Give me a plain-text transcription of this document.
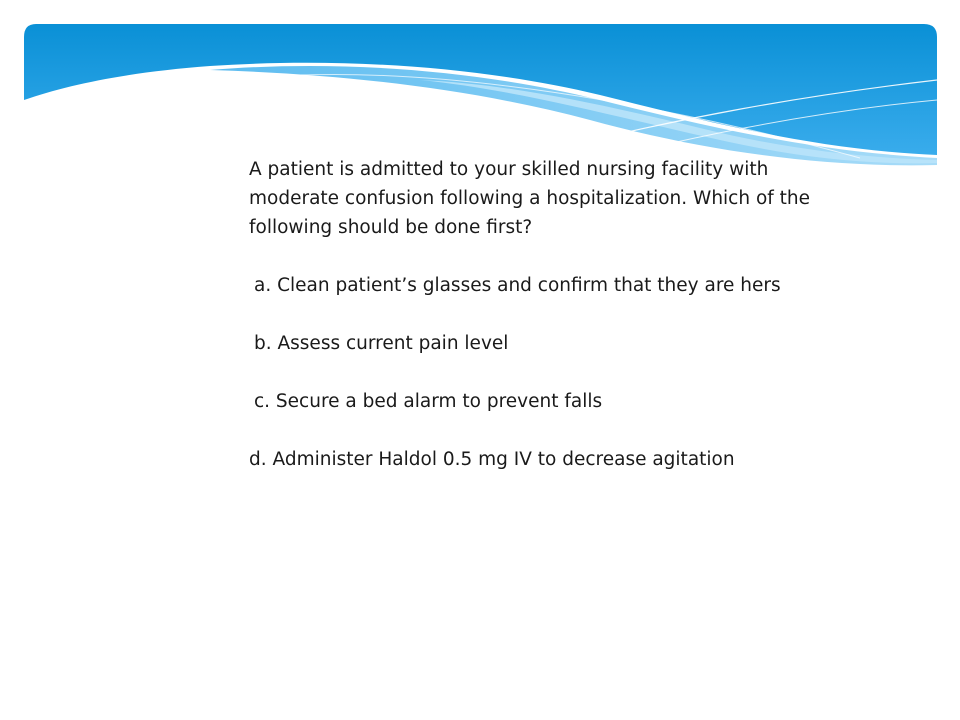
A patient is admitted to your skilled nursing facility with moderate confusion following a hospitalization. Which of the following should be done first?

a. Clean patient’s glasses and confirm that they are hers

b. Assess current pain level

c. Secure a bed alarm to prevent falls

d. Administer Haldol 0.5 mg IV to decrease agitation
